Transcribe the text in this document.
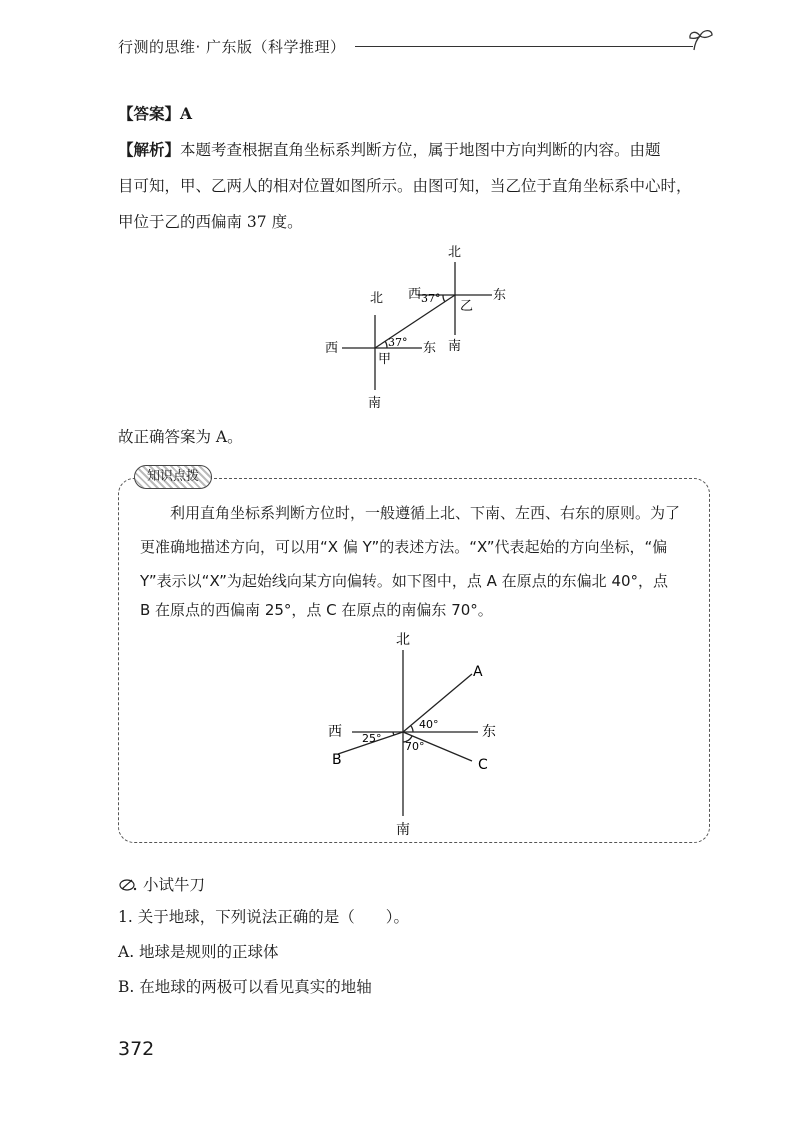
行测的思维· 广东版（科学推理）
【答案】A
【解析】本题考查根据直角坐标系判断方位，属于地图中方向判断的内容。由题
目可知，甲、乙两人的相对位置如图所示。由图可知，当乙位于直角坐标系中心时，
甲位于乙的西偏南 37 度。
北
西 37°	东
乙
南
北
西	37° 东
甲
南
故正确答案为 A。
知识点拨
利用直角坐标系判断方位时，一般遵循上北、下南、左西、右东的原则。为了
更准确地描述方向，可以用“X 偏 Y”的表述方法。“X”代表起始的方向坐标，“偏
Y”表示以“X”为起始线向某方向偏转。如下图中，点 A 在原点的东偏北 40°，点
B 在原点的西偏南 25°，点 C 在原点的南偏东 70°。
北
A
40°
西 25°	东
70°
B	C
南
小试牛刀
1. 关于地球，下列说法正确的是（　　）。
A. 地球是规则的正球体
B. 在地球的两极可以看见真实的地轴
372
